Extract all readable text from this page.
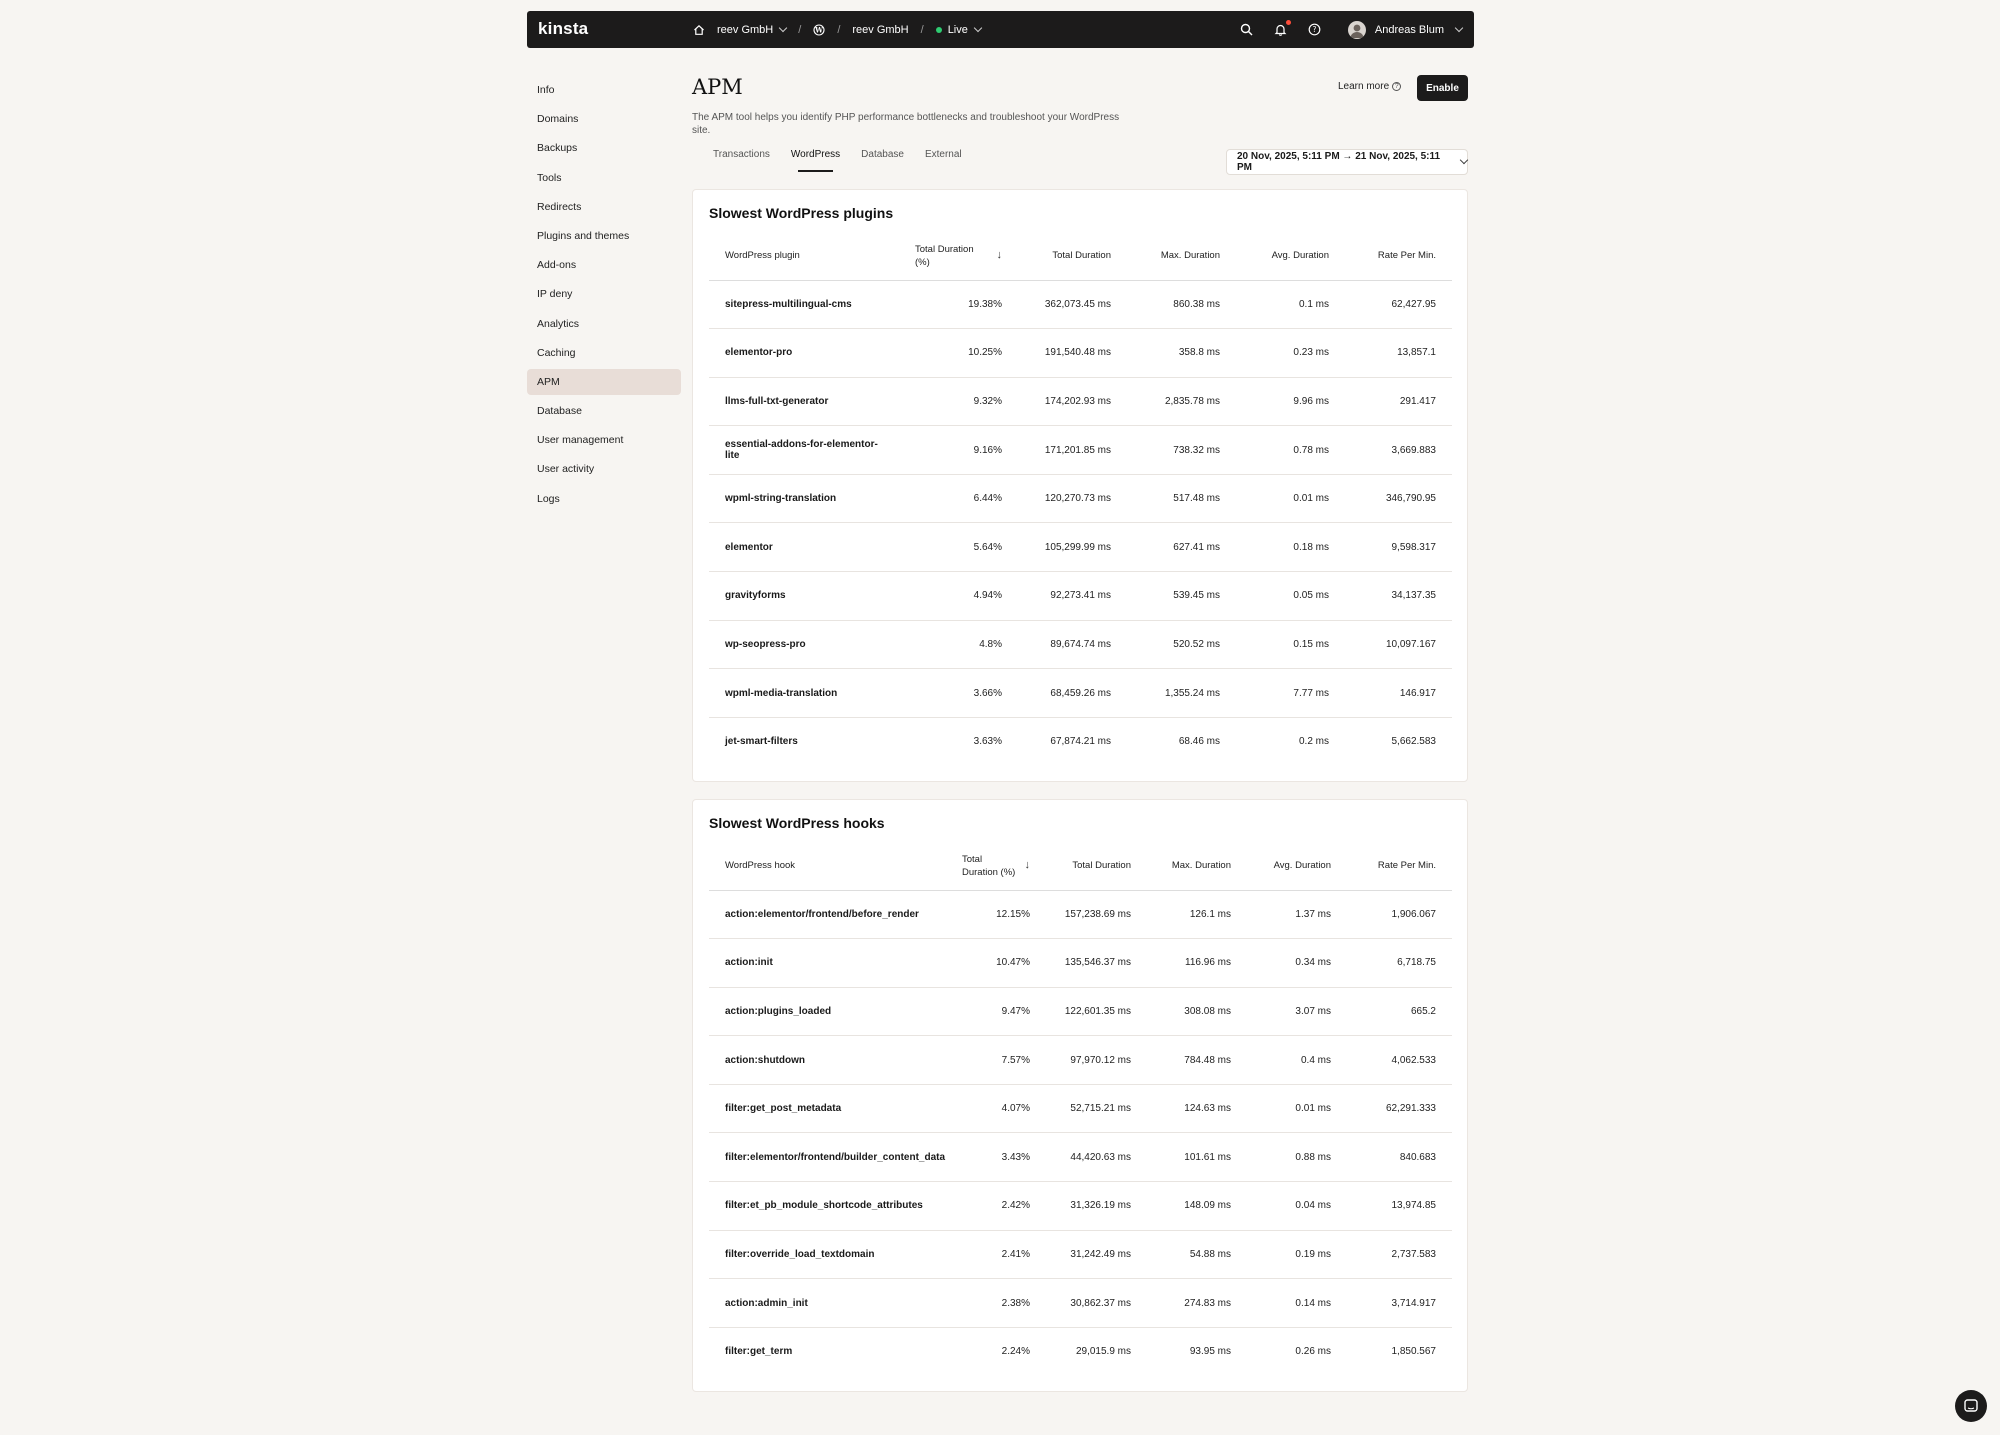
kinsta	reev GmbH / W / reev GmbH / Live	?	Andreas Blum
Info
Domains
Backups
Tools
Redirects
Plugins and themes
Add-ons
IP deny
Analytics
Caching
APM
Database
User management
User activity
Logs
APM
The APM tool helps you identify PHP performance bottlenecks and troubleshoot your WordPress site.
Learn more ?	Enable
Transactions WordPress Database External	20 Nov, 2025, 5:11 PM → 21 Nov, 2025, 5:11 PM
Slowest WordPress plugins
WordPress plugin	Total Duration (%)
↓	Total Duration	Max. Duration	Avg. Duration	Rate Per Min.
sitepress-multilingual-cms	19.38%	362,073.45 ms	860.38 ms	0.1 ms	62,427.95
elementor-pro	10.25%	191,540.48 ms	358.8 ms	0.23 ms	13,857.1
llms-full-txt-generator	9.32%	174,202.93 ms	2,835.78 ms	9.96 ms	291.417
essential-addons-for-elementor-lite	9.16%	171,201.85 ms	738.32 ms	0.78 ms	3,669.883
wpml-string-translation	6.44%	120,270.73 ms	517.48 ms	0.01 ms	346,790.95
elementor	5.64%	105,299.99 ms	627.41 ms	0.18 ms	9,598.317
gravityforms	4.94%	92,273.41 ms	539.45 ms	0.05 ms	34,137.35
wp-seopress-pro	4.8%	89,674.74 ms	520.52 ms	0.15 ms	10,097.167
wpml-media-translation	3.66%	68,459.26 ms	1,355.24 ms	7.77 ms	146.917
jet-smart-filters	3.63%	67,874.21 ms	68.46 ms	0.2 ms	5,662.583
Slowest WordPress hooks
WordPress hook	Total Duration (%)
↓	Total Duration	Max. Duration	Avg. Duration	Rate Per Min.
action:elementor/frontend/before_render	12.15%	157,238.69 ms	126.1 ms	1.37 ms	1,906.067
action:init	10.47%	135,546.37 ms	116.96 ms	0.34 ms	6,718.75
action:plugins_loaded	9.47%	122,601.35 ms	308.08 ms	3.07 ms	665.2
action:shutdown	7.57%	97,970.12 ms	784.48 ms	0.4 ms	4,062.533
filter:get_post_metadata	4.07%	52,715.21 ms	124.63 ms	0.01 ms	62,291.333
filter:elementor/frontend/builder_content_data	3.43%	44,420.63 ms	101.61 ms	0.88 ms	840.683
filter:et_pb_module_shortcode_attributes	2.42%	31,326.19 ms	148.09 ms	0.04 ms	13,974.85
filter:override_load_textdomain	2.41%	31,242.49 ms	54.88 ms	0.19 ms	2,737.583
action:admin_init	2.38%	30,862.37 ms	274.83 ms	0.14 ms	3,714.917
filter:get_term	2.24%	29,015.9 ms	93.95 ms	0.26 ms	1,850.567
